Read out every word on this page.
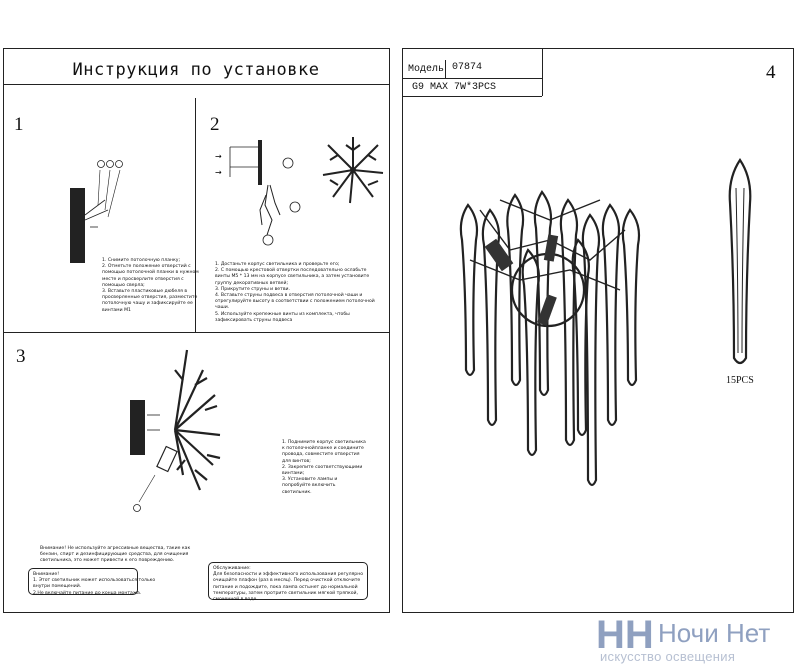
Инструкция по установке
1	2
3
1. Снимите потолочную планку;
2. Отметьте положение отверстий с
помощью потолочной планки в нужном
месте и просверлите отверстия с
помощью сверла;
3. Вставьте пластиковые дюбеля в
просверленные отверстия, разместите
потолочную чашу и зафиксируйте ее
винтами М1
→
→
1. Достаньте корпус светильника и проверьте его;
2. С помощью крестовой отвертки последовательно ослабьте
винты М5 * 13 мм на корпусе светильника, а затем установите
группу декоративных ветвей;
3. Прикрутите струны и ветви.
4. Вставьте струны подвеса в отверстия потолочной чаши и
отрегулируйте высоту в соответствии с положением потолочной
чаши.
5. Используйте крепежные винты из комплекта, чтобы
зафиксировать струны подвеса
1. Поднимите корпус светильника
к потолочнойпланке и соедините
провода, совместите отверстия
для винтов;
2. Закрепите соответствующими
винтами;
3. Установите лампы и
попробуйте включить
светильник.
Внимание! Не используйте агрессивные вещества, такие как
бензин, спирт и дезинфицирующие средства, для очищения
светильника, это может привести к его повреждению.
Внимание!
1. Этот светильник может использоваться только
внутри помещений.
2.Не включайте питание до конца монтажа.
Обслуживание:
Для безопасности и эффективного использования регулярно
очищайте плафон (раз в месяц). Перед очисткой отключите
питание и подождите, пока лампа остынет до нормальной
температуры, затем протрите светильник мягкой тряпкой,
смоченной в воде.
Модель 07874
G9 MAX 7W*3PCS
4
15PCS
НН Ночи Нет
искусство освещения
